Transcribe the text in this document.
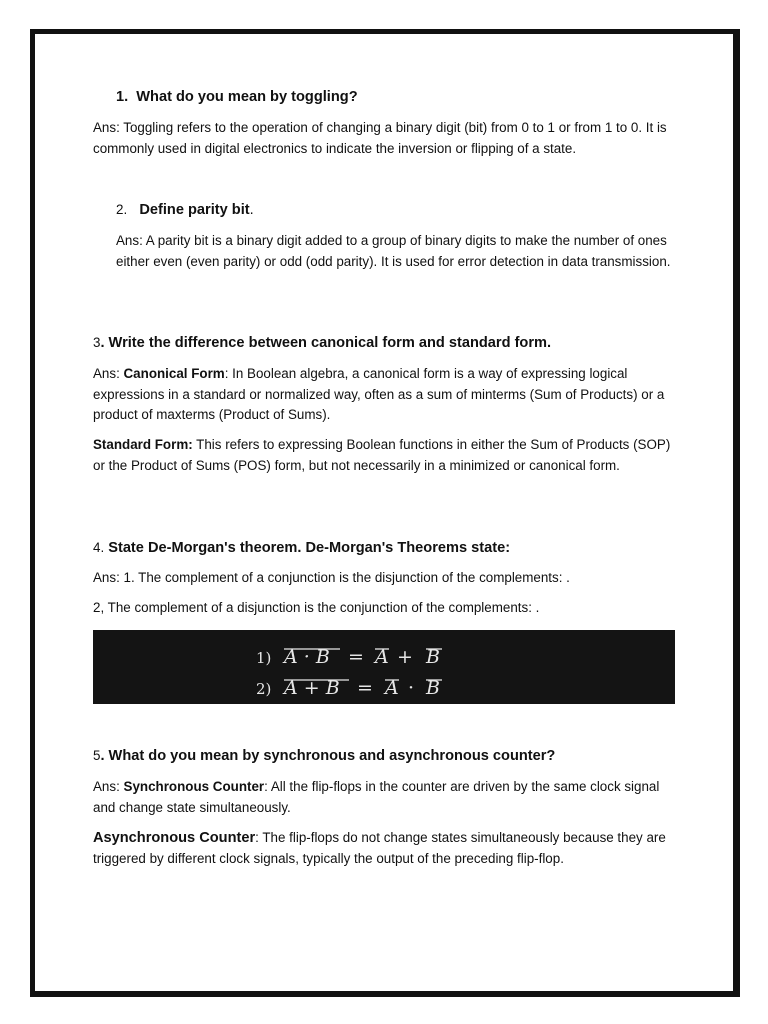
1. What do you mean by toggling?
Ans: Toggling refers to the operation of changing a binary digit (bit) from 0 to 1 or from 1 to 0. It is commonly used in digital electronics to indicate the inversion or flipping of a state.
2. Define parity bit.
Ans: A parity bit is a binary digit added to a group of binary digits to make the number of ones either even (even parity) or odd (odd parity). It is used for error detection in data transmission.
3. Write the difference between canonical form and standard form.
Ans: Canonical Form: In Boolean algebra, a canonical form is a way of expressing logical expressions in a standard or normalized way, often as a sum of minterms (Sum of Products) or a product of maxterms (Product of Sums).
Standard Form: This refers to expressing Boolean functions in either the Sum of Products (SOP) or the Product of Sums (POS) form, but not necessarily in a minimized or canonical form.
4. State De-Morgan's theorem. De-Morgan's Theorems state:
Ans: 1. The complement of a conjunction is the disjunction of the complements: .
2, The complement of a disjunction is the conjunction of the complements: .
1) A · B = A + B
2) A + B = A · B
5. What do you mean by synchronous and asynchronous counter?
Ans: Synchronous Counter: All the flip-flops in the counter are driven by the same clock signal and change state simultaneously.
Asynchronous Counter: The flip-flops do not change states simultaneously because they are triggered by different clock signals, typically the output of the preceding flip-flop.
